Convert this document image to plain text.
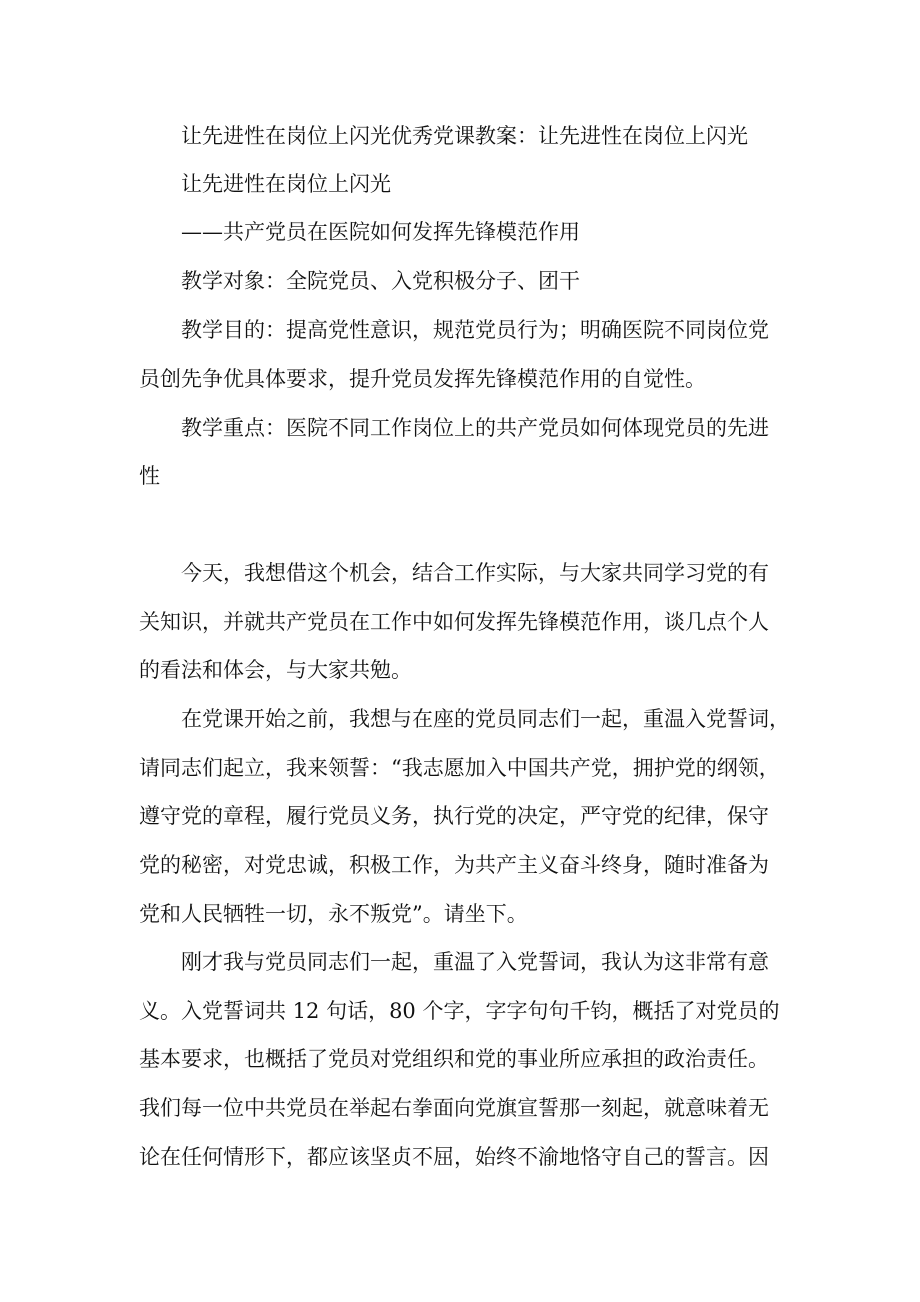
让先进性在岗位上闪光优秀党课教案：让先进性在岗位上闪光
让先进性在岗位上闪光
——共产党员在医院如何发挥先锋模范作用
教学对象：全院党员、入党积极分子、团干
教学目的：提高党性意识，规范党员行为；明确医院不同岗位党
员创先争优具体要求，提升党员发挥先锋模范作用的自觉性。
教学重点：医院不同工作岗位上的共产党员如何体现党员的先进
性
今天，我想借这个机会，结合工作实际，与大家共同学习党的有
关知识，并就共产党员在工作中如何发挥先锋模范作用，谈几点个人
的看法和体会，与大家共勉。
在党课开始之前，我想与在座的党员同志们一起，重温入党誓词，
请同志们起立，我来领誓：“我志愿加入中国共产党，拥护党的纲领，
遵守党的章程，履行党员义务，执行党的决定，严守党的纪律，保守
党的秘密，对党忠诚，积极工作，为共产主义奋斗终身，随时准备为
党和人民牺牲一切，永不叛党”。请坐下。
刚才我与党员同志们一起，重温了入党誓词，我认为这非常有意
义。入党誓词共 12 句话，80 个字，字字句句千钧，概括了对党员的
基本要求，也概括了党员对党组织和党的事业所应承担的政治责任。
我们每一位中共党员在举起右拳面向党旗宣誓那一刻起，就意味着无
论在任何情形下，都应该坚贞不屈，始终不渝地恪守自己的誓言。因
